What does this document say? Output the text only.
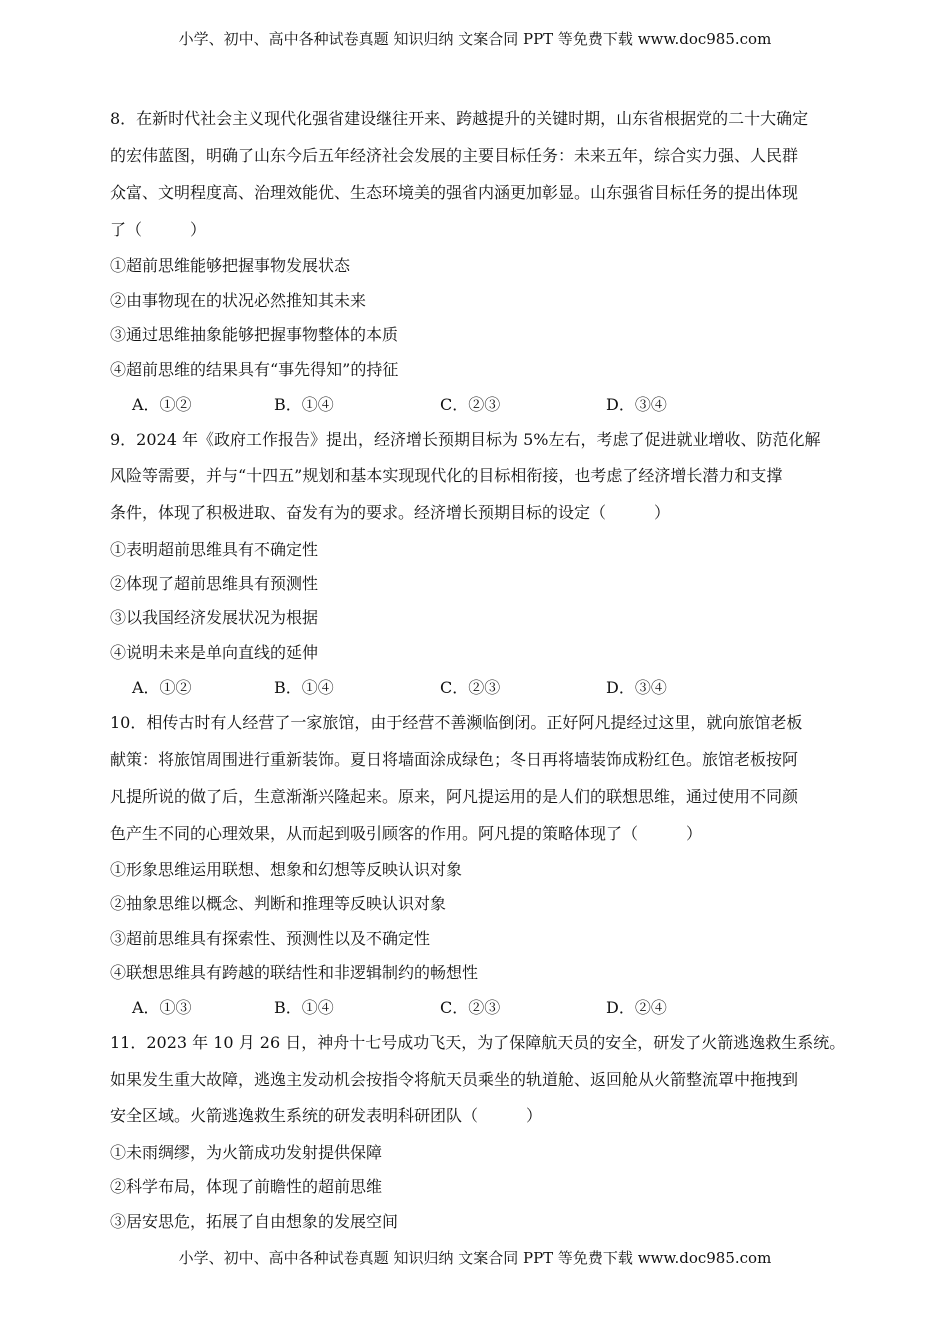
小学、初中、高中各种试卷真题 知识归纳 文案合同 PPT 等免费下载 www.doc985.com
8．在新时代社会主义现代化强省建设继往开来、跨越提升的关键时期，山东省根据党的二十大确定
的宏伟蓝图，明确了山东今后五年经济社会发展的主要目标任务：未来五年，综合实力强、人民群
众富、文明程度高、治理效能优、生态环境美的强省内涵更加彰显。山东强省目标任务的提出体现
了（　　　）
①超前思维能够把握事物发展状态
②由事物现在的状况必然推知其未来
③通过思维抽象能够把握事物整体的本质
④超前思维的结果具有“事先得知”的持征
A．①②	B．①④	C．②③	D．③④
9．2024 年《政府工作报告》提出，经济增长预期目标为 5%左右，考虑了促进就业增收、防范化解
风险等需要，并与“十四五”规划和基本实现现代化的目标相衔接，也考虑了经济增长潜力和支撑
条件，体现了积极进取、奋发有为的要求。经济增长预期目标的设定（　　　）
①表明超前思维具有不确定性
②体现了超前思维具有预测性
③以我国经济发展状况为根据
④说明未来是单向直线的延伸
A．①②	B．①④	C．②③	D．③④
10．相传古时有人经营了一家旅馆，由于经营不善濒临倒闭。正好阿凡提经过这里，就向旅馆老板
献策：将旅馆周围进行重新装饰。夏日将墙面涂成绿色；冬日再将墙装饰成粉红色。旅馆老板按阿
凡提所说的做了后，生意渐渐兴隆起来。原来，阿凡提运用的是人们的联想思维，通过使用不同颜
色产生不同的心理效果，从而起到吸引顾客的作用。阿凡提的策略体现了（　　　）
①形象思维运用联想、想象和幻想等反映认识对象
②抽象思维以概念、判断和推理等反映认识对象
③超前思维具有探索性、预测性以及不确定性
④联想思维具有跨越的联结性和非逻辑制约的畅想性
A．①③	B．①④	C．②③	D．②④
11．2023 年 10 月 26 日，神舟十七号成功飞天，为了保障航天员的安全，研发了火箭逃逸救生系统。
如果发生重大故障，逃逸主发动机会按指令将航天员乘坐的轨道舱、返回舱从火箭整流罩中拖拽到
安全区域。火箭逃逸救生系统的研发表明科研团队（　　　）
①未雨绸缪，为火箭成功发射提供保障
②科学布局，体现了前瞻性的超前思维
③居安思危，拓展了自由想象的发展空间
小学、初中、高中各种试卷真题 知识归纳 文案合同 PPT 等免费下载 www.doc985.com
